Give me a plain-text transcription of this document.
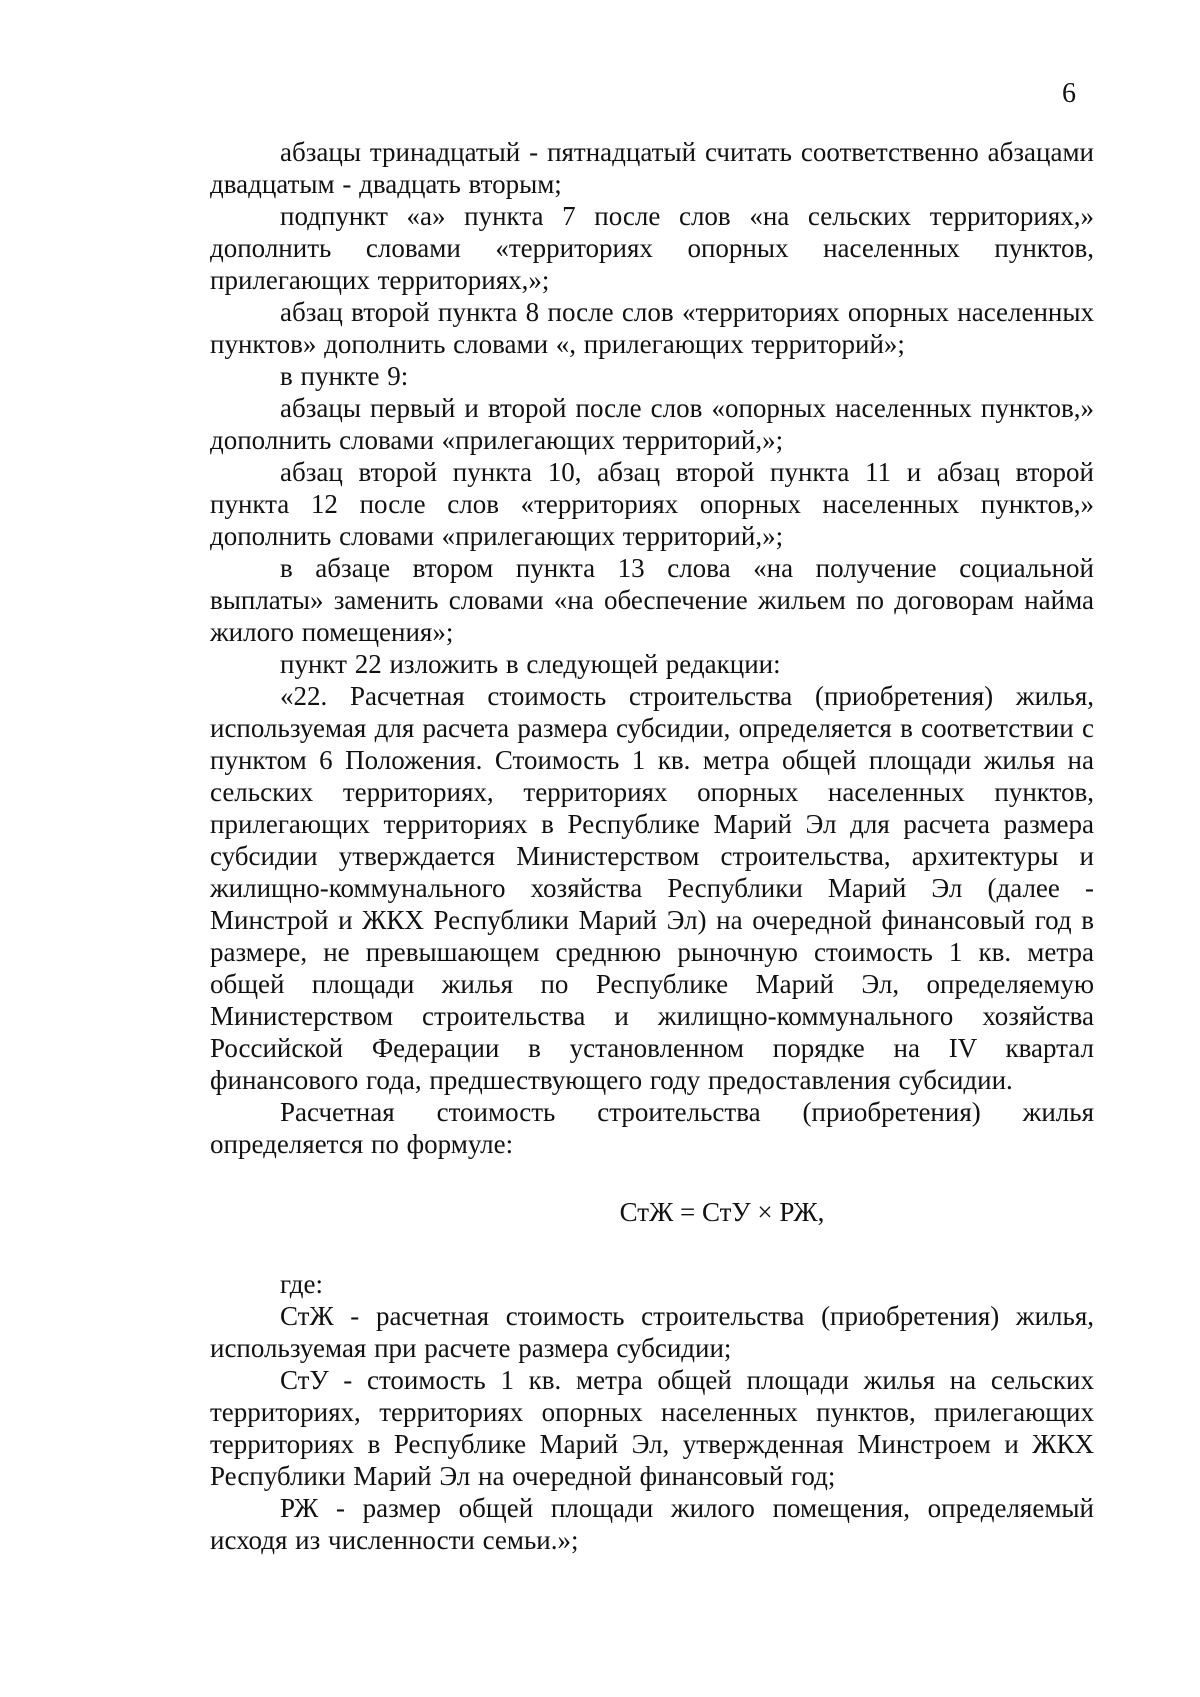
6

абзацы тринадцатый - пятнадцатый считать соответственно абзацами двадцатым - двадцать вторым;

подпункт «а» пункта 7 после слов «на сельских территориях,» дополнить словами «территориях опорных населенных пунктов, прилегающих территориях,»;

абзац второй пункта 8 после слов «территориях опорных населенных пунктов» дополнить словами «, прилегающих территорий»;

в пункте 9:

абзацы первый и второй после слов «опорных населенных пунктов,» дополнить словами «прилегающих территорий,»;

абзац второй пункта 10, абзац второй пункта 11 и абзац второй пункта 12 после слов «территориях опорных населенных пунктов,» дополнить словами «прилегающих территорий,»;

в абзаце втором пункта 13 слова «на получение социальной выплаты» заменить словами «на обеспечение жильем по договорам найма жилого помещения»;

пункт 22 изложить в следующей редакции:

«22. Расчетная стоимость строительства (приобретения) жилья, используемая для расчета размера субсидии, определяется в соответствии с пунктом 6 Положения. Стоимость 1 кв. метра общей площади жилья на сельских территориях, территориях опорных населенных пунктов, прилегающих территориях в Республике Марий Эл для расчета размера субсидии утверждается Министерством строительства, архитектуры и жилищно-коммунального хозяйства Республики Марий Эл (далее - Минстрой и ЖКХ Республики Марий Эл) на очередной финансовый год в размере, не превышающем среднюю рыночную стоимость 1 кв. метра общей площади жилья по Республике Марий Эл, определяемую Министерством строительства и жилищно-коммунального хозяйства Российской Федерации в установленном порядке на IV квартал финансового года, предшествующего году предоставления субсидии.

Расчетная стоимость строительства (приобретения) жилья определяется по формуле:

СтЖ = СтУ × РЖ,

где:

СтЖ - расчетная стоимость строительства (приобретения) жилья, используемая при расчете размера субсидии;

СтУ - стоимость 1 кв. метра общей площади жилья на сельских территориях, территориях опорных населенных пунктов, прилегающих территориях в Республике Марий Эл, утвержденная Минстроем и ЖКХ Республики Марий Эл на очередной финансовый год;

РЖ - размер общей площади жилого помещения, определяемый исходя из численности семьи.»;
